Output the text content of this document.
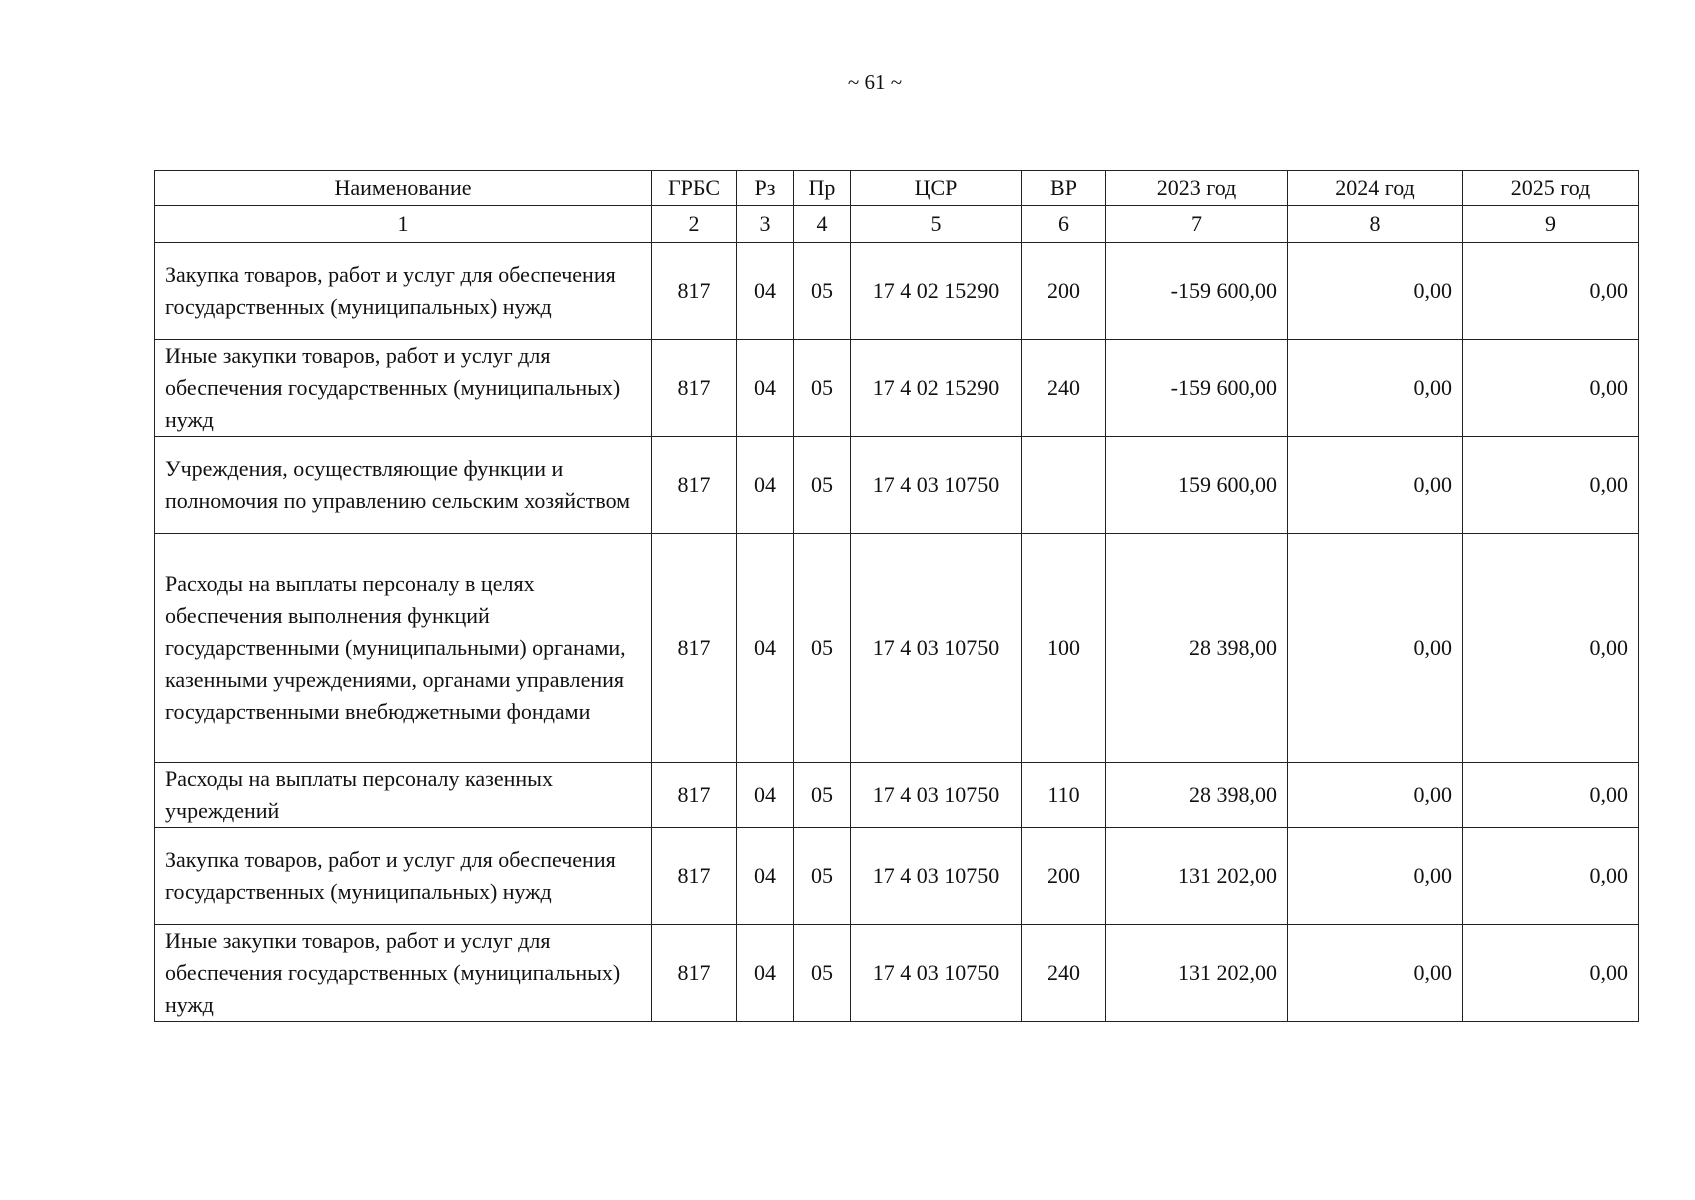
~ 61 ~
Наименование	ГРБС	Рз	Пр	ЦСР	ВР	2023 год	2024 год	2025 год
1	2	3	4	5	6	7	8	9
Закупка товаров, работ и услуг для обеспечения государственных (муниципальных) нужд	817	04	05	17 4 02 15290	200	-159 600,00	0,00	0,00
Иные закупки товаров, работ и услуг для обеспечения государственных (муниципальных) нужд	817	04	05	17 4 02 15290	240	-159 600,00	0,00	0,00
Учреждения, осуществляющие функции и полномочия по управлению сельским хозяйством	817	04	05	17 4 03 10750		159 600,00	0,00	0,00
Расходы на выплаты персоналу в целях обеспечения выполнения функций государственными (муниципальными) органами, казенными учреждениями, органами управления государственными внебюджетными фондами	817	04	05	17 4 03 10750	100	28 398,00	0,00	0,00
Расходы на выплаты персоналу казенных учреждений	817	04	05	17 4 03 10750	110	28 398,00	0,00	0,00
Закупка товаров, работ и услуг для обеспечения государственных (муниципальных) нужд	817	04	05	17 4 03 10750	200	131 202,00	0,00	0,00
Иные закупки товаров, работ и услуг для обеспечения государственных (муниципальных) нужд	817	04	05	17 4 03 10750	240	131 202,00	0,00	0,00
